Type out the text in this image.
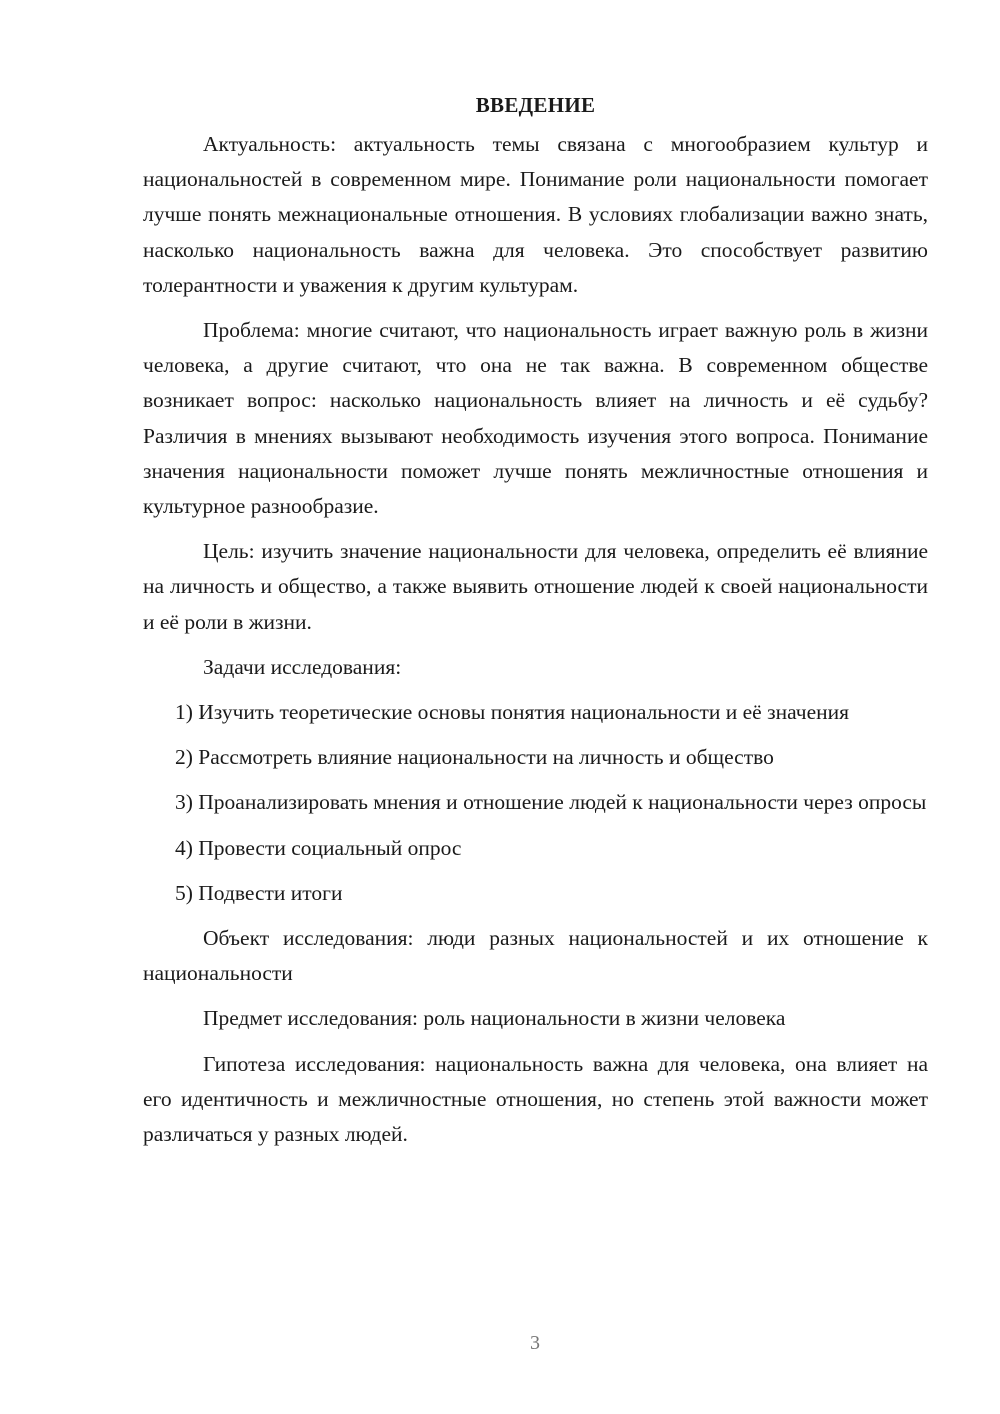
ВВЕДЕНИЕ

Актуальность: актуальность темы связана с многообразием культур и национальностей в современном мире. Понимание роли национальности помогает лучше понять межнациональные отношения. В условиях глобализации важно знать, насколько национальность важна для человека. Это способствует развитию толерантности и уважения к другим культурам.

Проблема: многие считают, что национальность играет важную роль в жизни человека, а другие считают, что она не так важна. В современном обществе возникает вопрос: насколько национальность влияет на личность и её судьбу? Различия в мнениях вызывают необходимость изучения этого вопроса. Понимание значения национальности поможет лучше понять межличностные отношения и культурное разнообразие.

Цель: изучить значение национальности для человека, определить её влияние на личность и общество, а также выявить отношение людей к своей национальности и её роли в жизни.

Задачи исследования:

1) Изучить теоретические основы понятия национальности и её значения

2) Рассмотреть влияние национальности на личность и общество

3) Проанализировать мнения и отношение людей к национальности через опросы

4) Провести социальный опрос

5) Подвести итоги

Объект исследования: люди разных национальностей и их отношение к национальности

Предмет исследования: роль национальности в жизни человека

Гипотеза исследования: национальность важна для человека, она влияет на его идентичность и межличностные отношения, но степень этой важности может различаться у разных людей.

3
